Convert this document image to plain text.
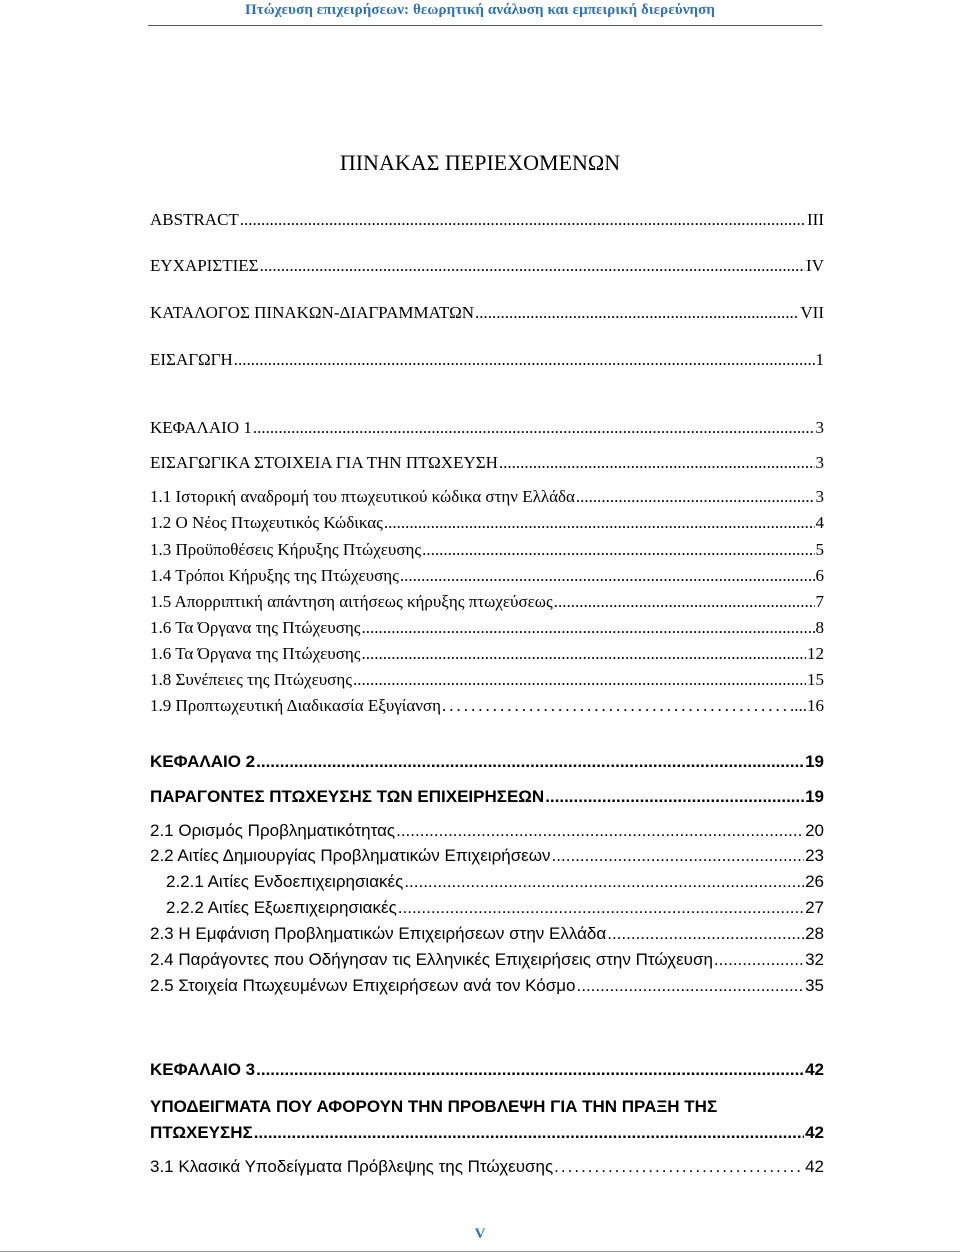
Πτώχευση επιχειρήσεων: θεωρητική ανάλυση και εμπειρική διερεύνηση
ΠΙΝΑΚΑΣ ΠΕΡΙΕΧΟΜΕΝΩΝ
ABSTRACT .....	III
ΕΥΧΑΡΙΣΤΙΕΣ .....	IV
ΚΑΤΑΛΟΓΟΣ ΠΙΝΑΚΩΝ-ΔΙΑΓΡΑΜΜΑΤΩΝ .....	VII
ΕΙΣΑΓΩΓΗ .....	1
ΚΕΦΑΛΑΙΟ 1 .....	3
ΕΙΣΑΓΩΓΙΚΑ ΣΤΟΙΧΕΙΑ ΓΙΑ ΤΗΝ ΠΤΩΧΕΥΣΗ .....	3
1.1 Ιστορική αναδρομή του πτωχευτικού κώδικα στην Ελλάδα .....	3
1.2 Ο Νέος Πτωχευτικός Κώδικας .....	4
1.3 Προϋποθέσεις Κήρυξης Πτώχευσης .....	5
1.4 Τρόποι Κήρυξης της Πτώχευσης .....	6
1.5 Απορριπτική απάντηση αιτήσεως κήρυξης πτωχεύσεως .....	7
1.6 Τα Όργανα της Πτώχευσης .....	8
1.6 Τα Όργανα της Πτώχευσης .....	12
1.8 Συνέπειες της Πτώχευσης .....	15
1.9 Προπτωχευτική Διαδικασία Εξυγίανση .....	...16
ΚΕΦΑΛΑΙΟ 2 .....	19
ΠΑΡΑΓΟΝΤΕΣ ΠΤΩΧΕΥΣΗΣ ΤΩΝ ΕΠΙΧΕΙΡΗΣΕΩΝ .....	19
2.1 Ορισμός Προβληματικότητας .....	20
2.2 Αιτίες Δημιουργίας Προβληματικών Επιχειρήσεων .....	23
2.2.1 Αιτίες Ενδοεπιχειρησιακές .....	26
2.2.2 Αιτίες Εξωεπιχειρησιακές .....	27
2.3 Η Εμφάνιση Προβληματικών Επιχειρήσεων στην Ελλάδα .....	28
2.4 Παράγοντες που Οδήγησαν τις Ελληνικές Επιχειρήσεις στην Πτώχευση .....	32
2.5 Στοιχεία Πτωχευμένων Επιχειρήσεων ανά τον Κόσμο .....	35
ΚΕΦΑΛΑΙΟ 3 .....	42
ΥΠΟΔΕΙΓΜΑΤΑ ΠΟΥ ΑΦΟΡΟΥΝ ΤΗΝ ΠΡΟΒΛΕΨΗ ΓΙΑ ΤΗΝ ΠΡΑΞΗ ΤΗΣ
ΠΤΩΧΕΥΣΗΣ .....	42
3.1 Κλασικά Υποδείγματα Πρόβλεψης της Πτώχευσης .....	42
V
